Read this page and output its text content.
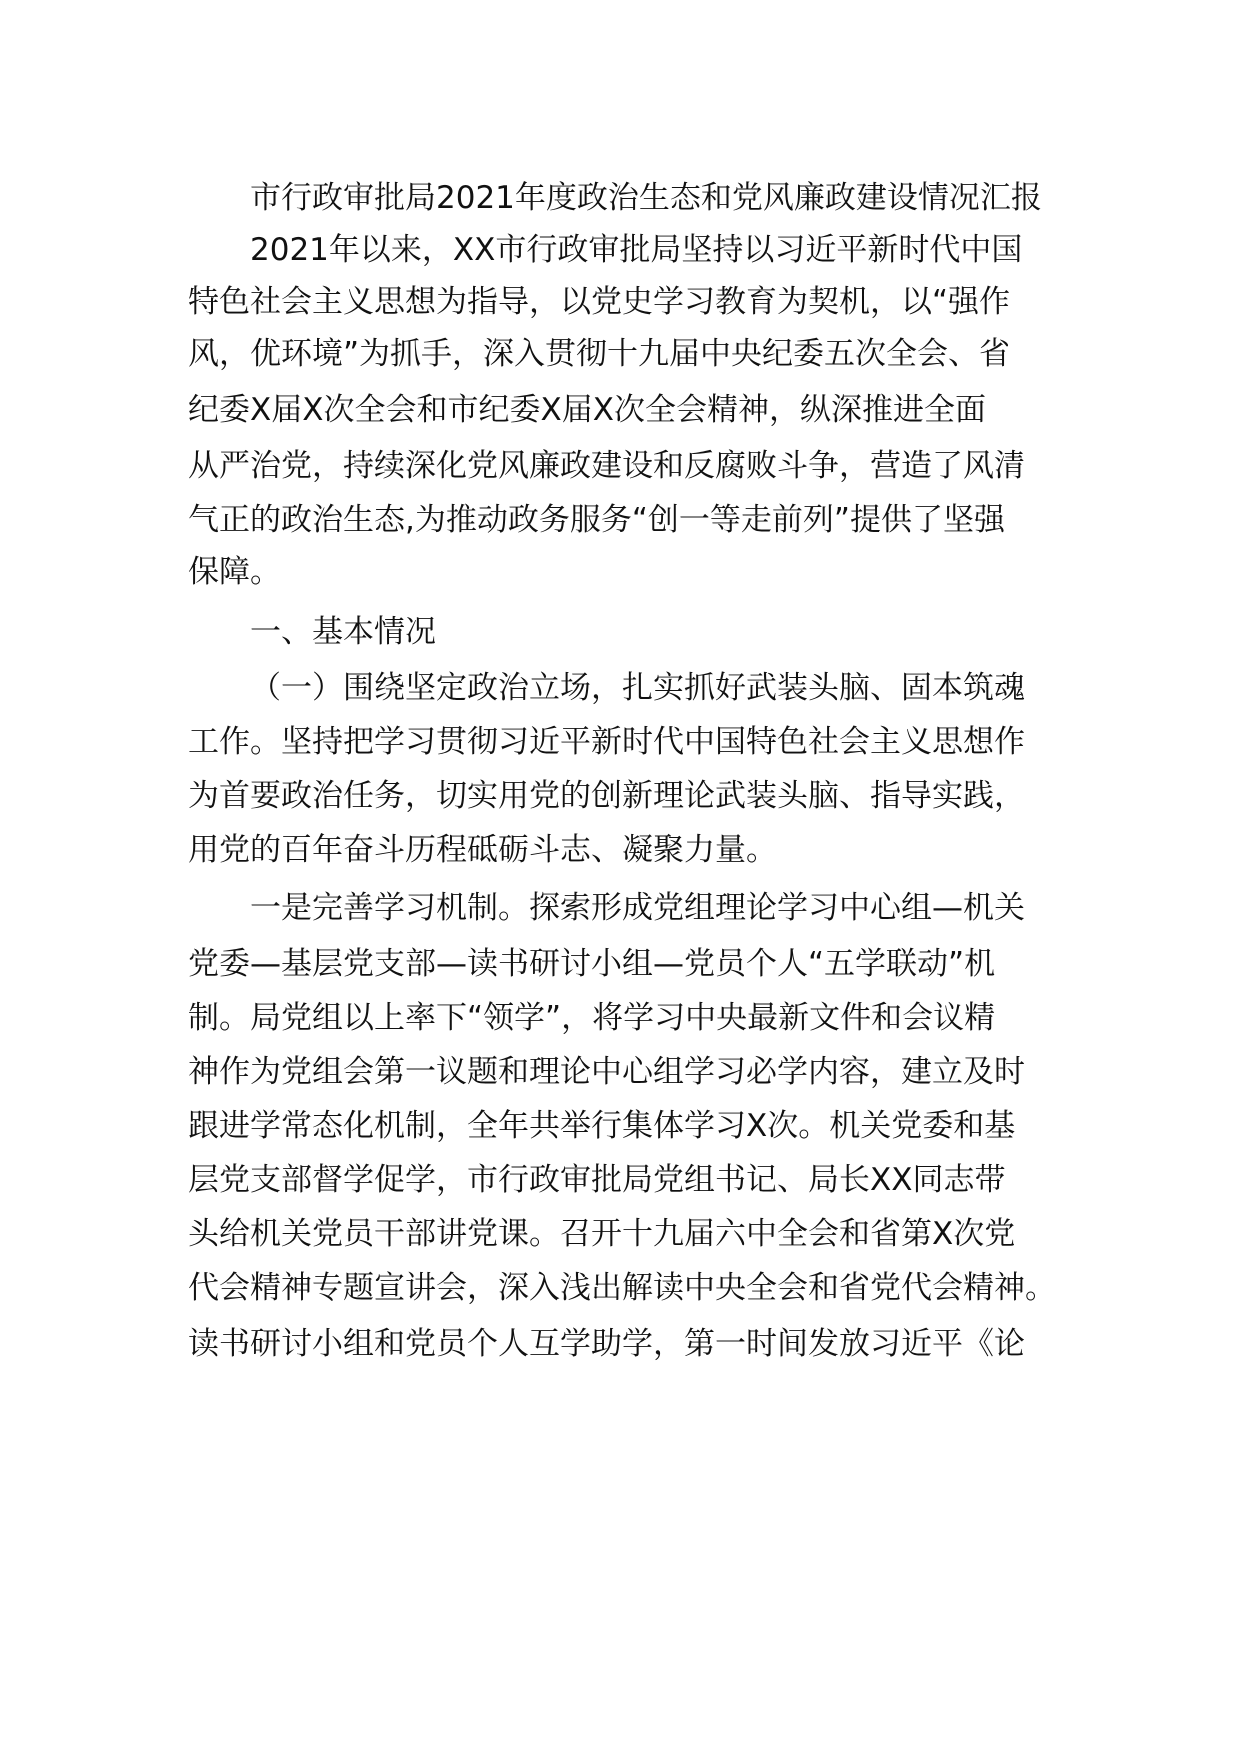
市行政审批局2021年度政治生态和党风廉政建设情况汇报

2021年以来，XX市行政审批局坚持以习近平新时代中国

特色社会主义思想为指导，以党史学习教育为契机，以“强作

风，优环境”为抓手，深入贯彻十九届中央纪委五次全会、省

纪委X届X次全会和市纪委X届X次全会精神，纵深推进全面

从严治党，持续深化党风廉政建设和反腐败斗争，营造了风清

气正的政治生态,为推动政务服务“创一等走前列”提供了坚强

保障。

一、基本情况

（一）围绕坚定政治立场，扎实抓好武装头脑、固本筑魂

工作。坚持把学习贯彻习近平新时代中国特色社会主义思想作

为首要政治任务，切实用党的创新理论武装头脑、指导实践，

用党的百年奋斗历程砥砺斗志、凝聚力量。

一是完善学习机制。探索形成党组理论学习中心组—机关

党委—基层党支部—读书研讨小组—党员个人“五学联动”机

制。局党组以上率下“领学”，将学习中央最新文件和会议精

神作为党组会第一议题和理论中心组学习必学内容，建立及时

跟进学常态化机制，全年共举行集体学习X次。机关党委和基

层党支部督学促学，市行政审批局党组书记、局长XX同志带

头给机关党员干部讲党课。召开十九届六中全会和省第X次党

代会精神专题宣讲会，深入浅出解读中央全会和省党代会精神。

读书研讨小组和党员个人互学助学，第一时间发放习近平《论
